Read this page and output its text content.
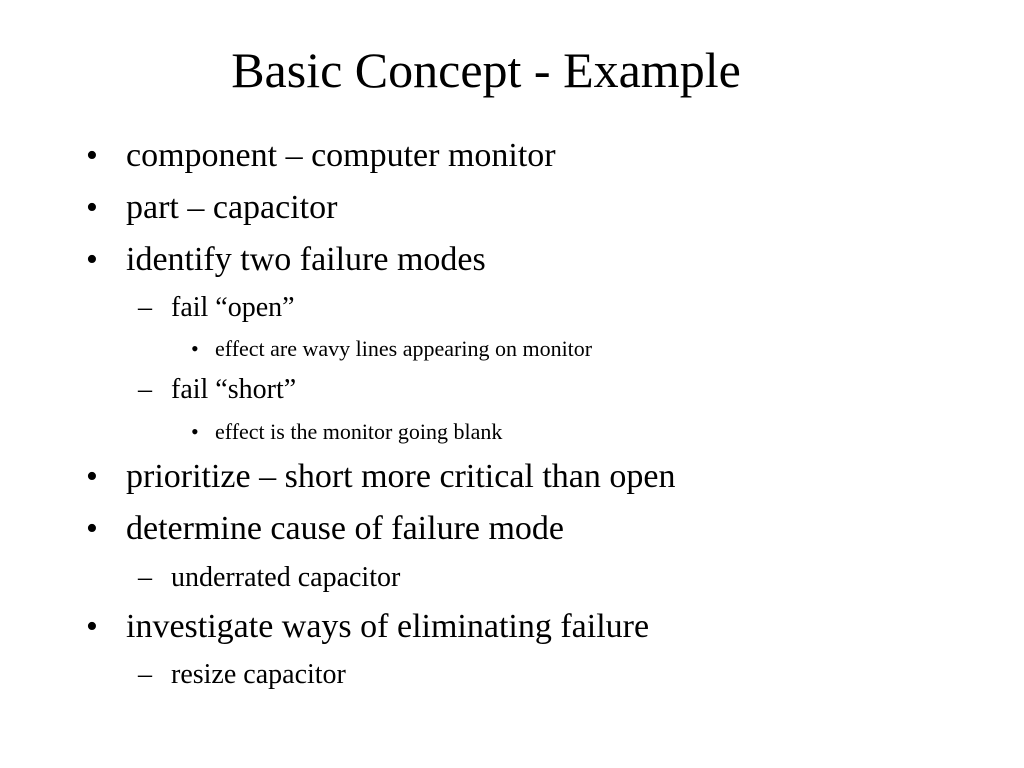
Basic Concept - Example
• component – computer monitor
• part – capacitor
• identify two failure modes
– fail “open”
• effect are wavy lines appearing on monitor
– fail “short”
• effect is the monitor going blank
• prioritize – short more critical than open
• determine cause of failure mode
– underrated capacitor
• investigate ways of eliminating failure
– resize capacitor
